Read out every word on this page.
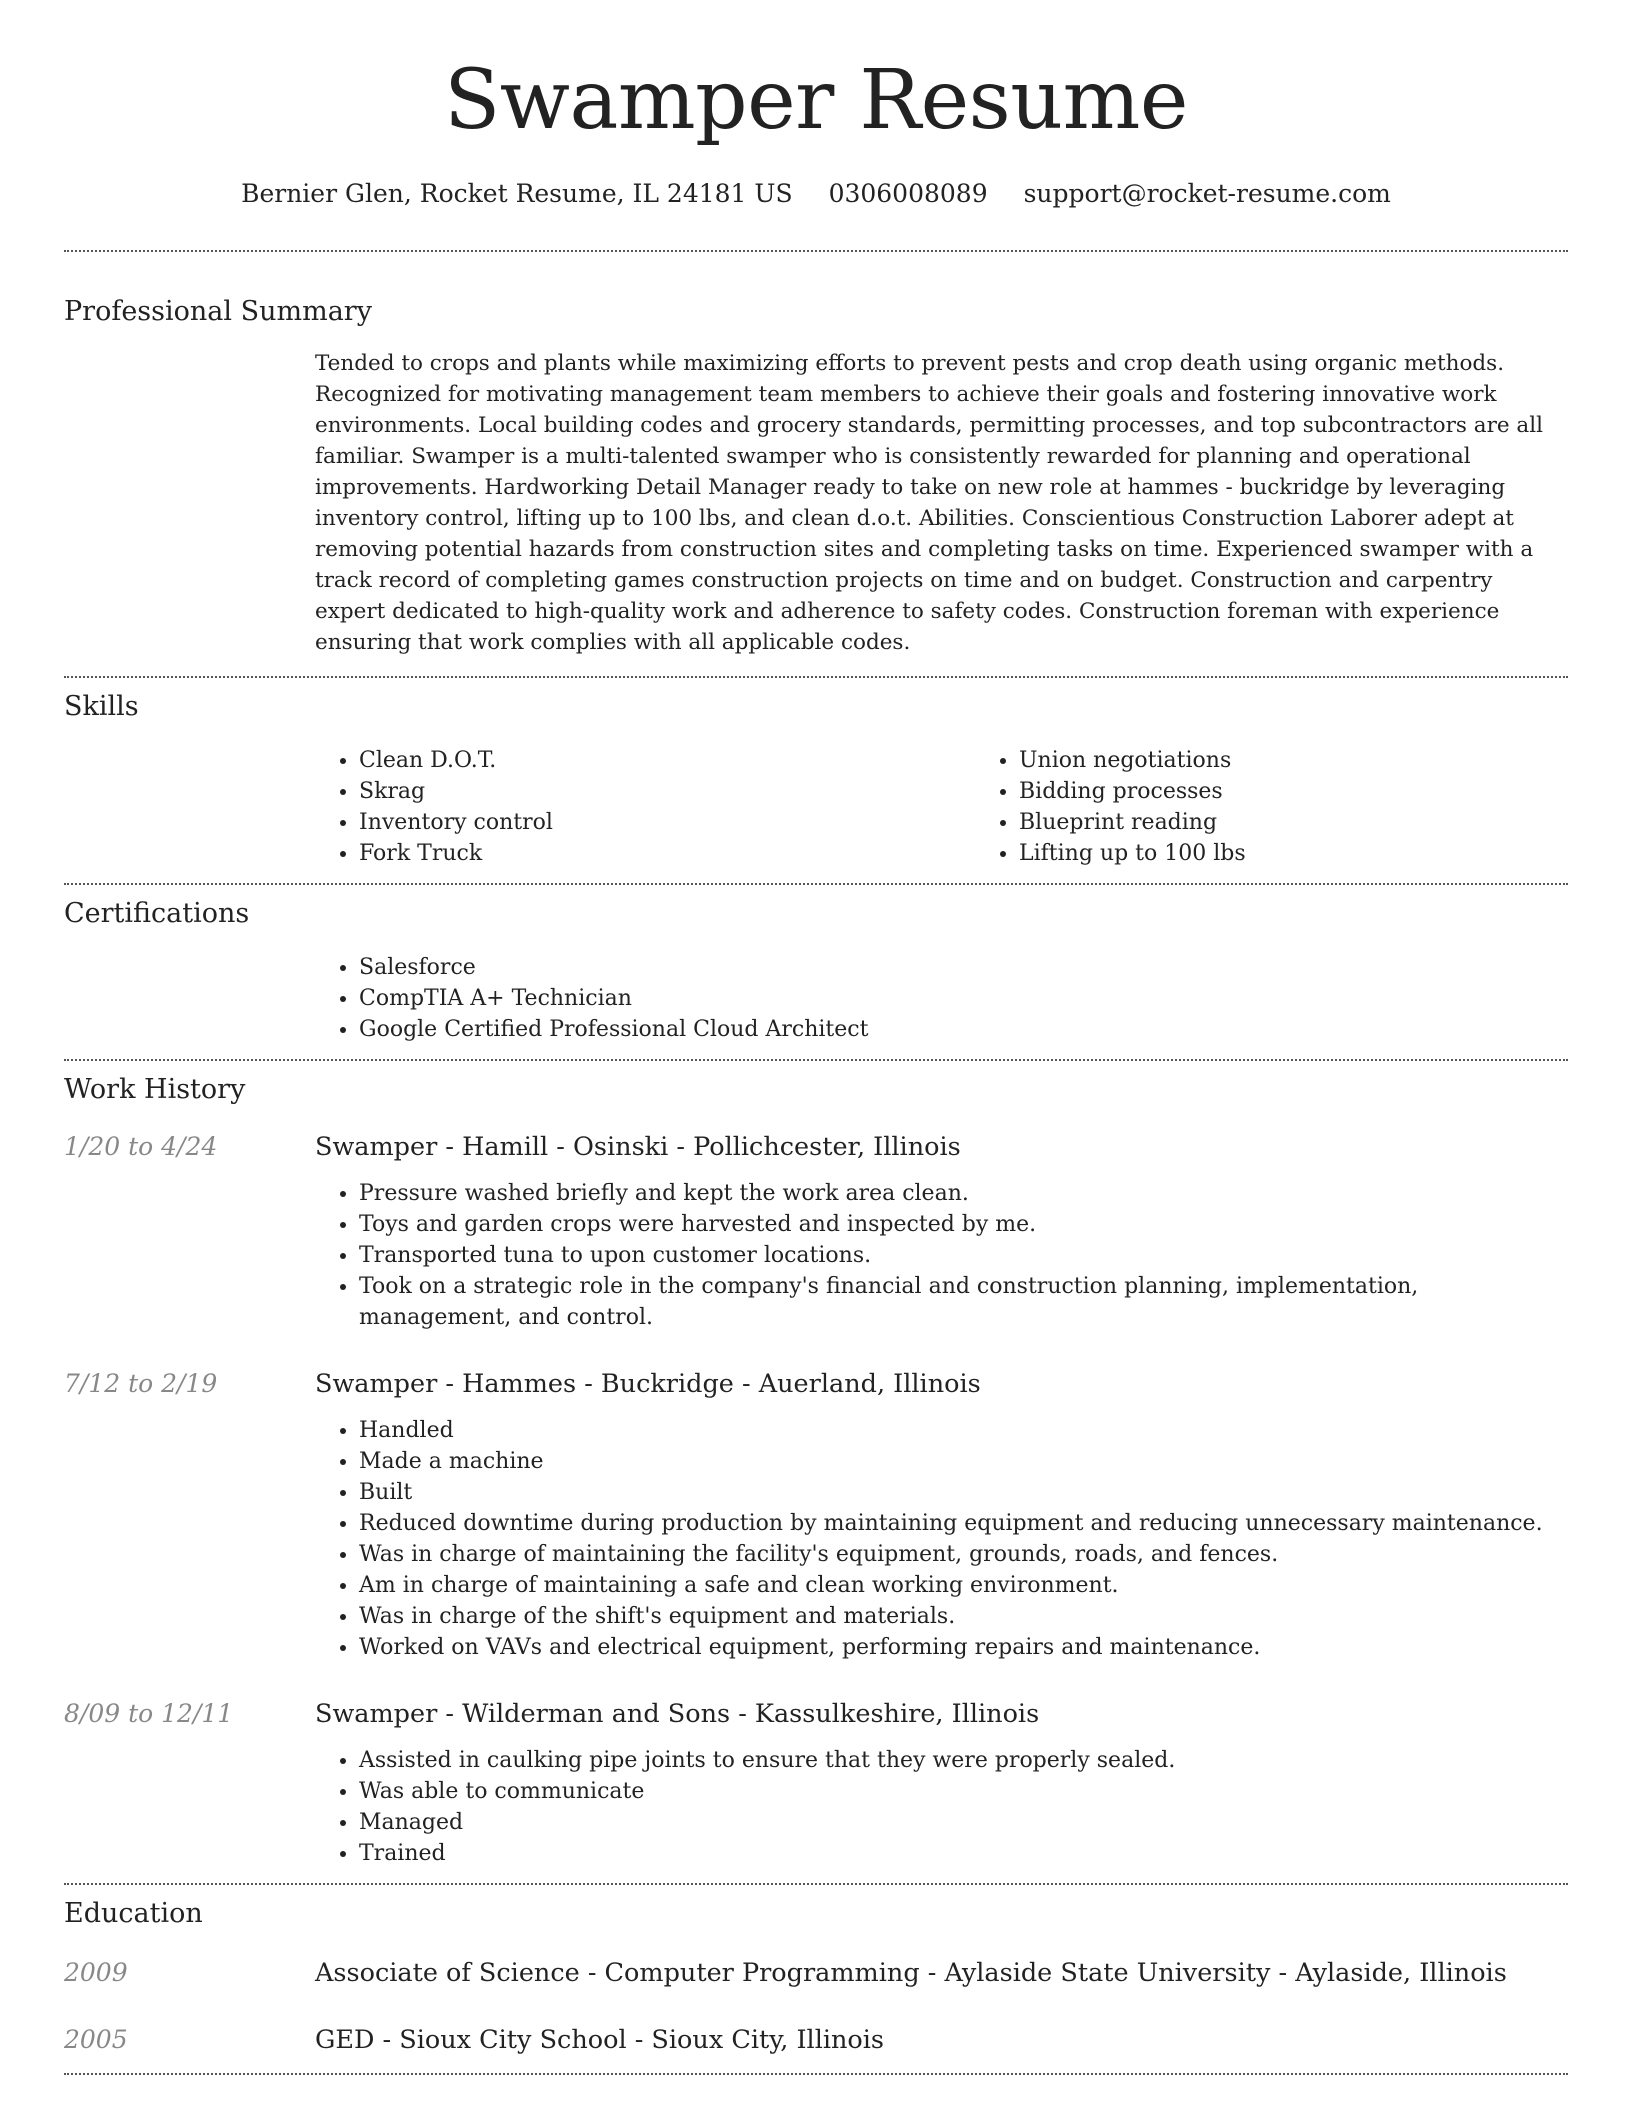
Swamper Resume
Bernier Glen, Rocket Resume, IL 24181 US 0306008089 support@rocket-resume.com
Professional Summary

Tended to crops and plants while maximizing efforts to prevent pests and crop death using organic methods. Recognized for motivating management team members to achieve their goals and fostering innovative work environments. Local building codes and grocery standards, permitting processes, and top subcontractors are all familiar. Swamper is a multi-talented swamper who is consistently rewarded for planning and operational improvements. Hardworking Detail Manager ready to take on new role at hammes - buckridge by leveraging inventory control, lifting up to 100 lbs, and clean d.o.t. Abilities. Conscientious Construction Laborer adept at removing potential hazards from construction sites and completing tasks on time. Experienced swamper with a track record of completing games construction projects on time and on budget. Construction and carpentry expert dedicated to high-quality work and adherence to safety codes. Construction foreman with experience ensuring that work complies with all applicable codes.

Skills
• Clean D.O.T.
• Skrag
• Inventory control
• Fork Truck
• Union negotiations
• Bidding processes
• Blueprint reading
• Lifting up to 100 lbs
Certifications
• Salesforce
• CompTIA A+ Technician
• Google Certified Professional Cloud Architect
Work History
1/20 to 4/24	Swamper - Hamill - Osinski - Pollichcester, Illinois
• Pressure washed briefly and kept the work area clean.
• Toys and garden crops were harvested and inspected by me.
• Transported tuna to upon customer locations.
• Took on a strategic role in the company's financial and construction planning, implementation, management, and control.
7/12 to 2/19	Swamper - Hammes - Buckridge - Auerland, Illinois
• Handled
• Made a machine
• Built
• Reduced downtime during production by maintaining equipment and reducing unnecessary maintenance.
• Was in charge of maintaining the facility's equipment, grounds, roads, and fences.
• Am in charge of maintaining a safe and clean working environment.
• Was in charge of the shift's equipment and materials.
• Worked on VAVs and electrical equipment, performing repairs and maintenance.
8/09 to 12/11	Swamper - Wilderman and Sons - Kassulkeshire, Illinois
• Assisted in caulking pipe joints to ensure that they were properly sealed.
• Was able to communicate
• Managed
• Trained
Education
2009	Associate of Science - Computer Programming - Aylaside State University - Aylaside, Illinois
2005	GED - Sioux City School - Sioux City, Illinois
